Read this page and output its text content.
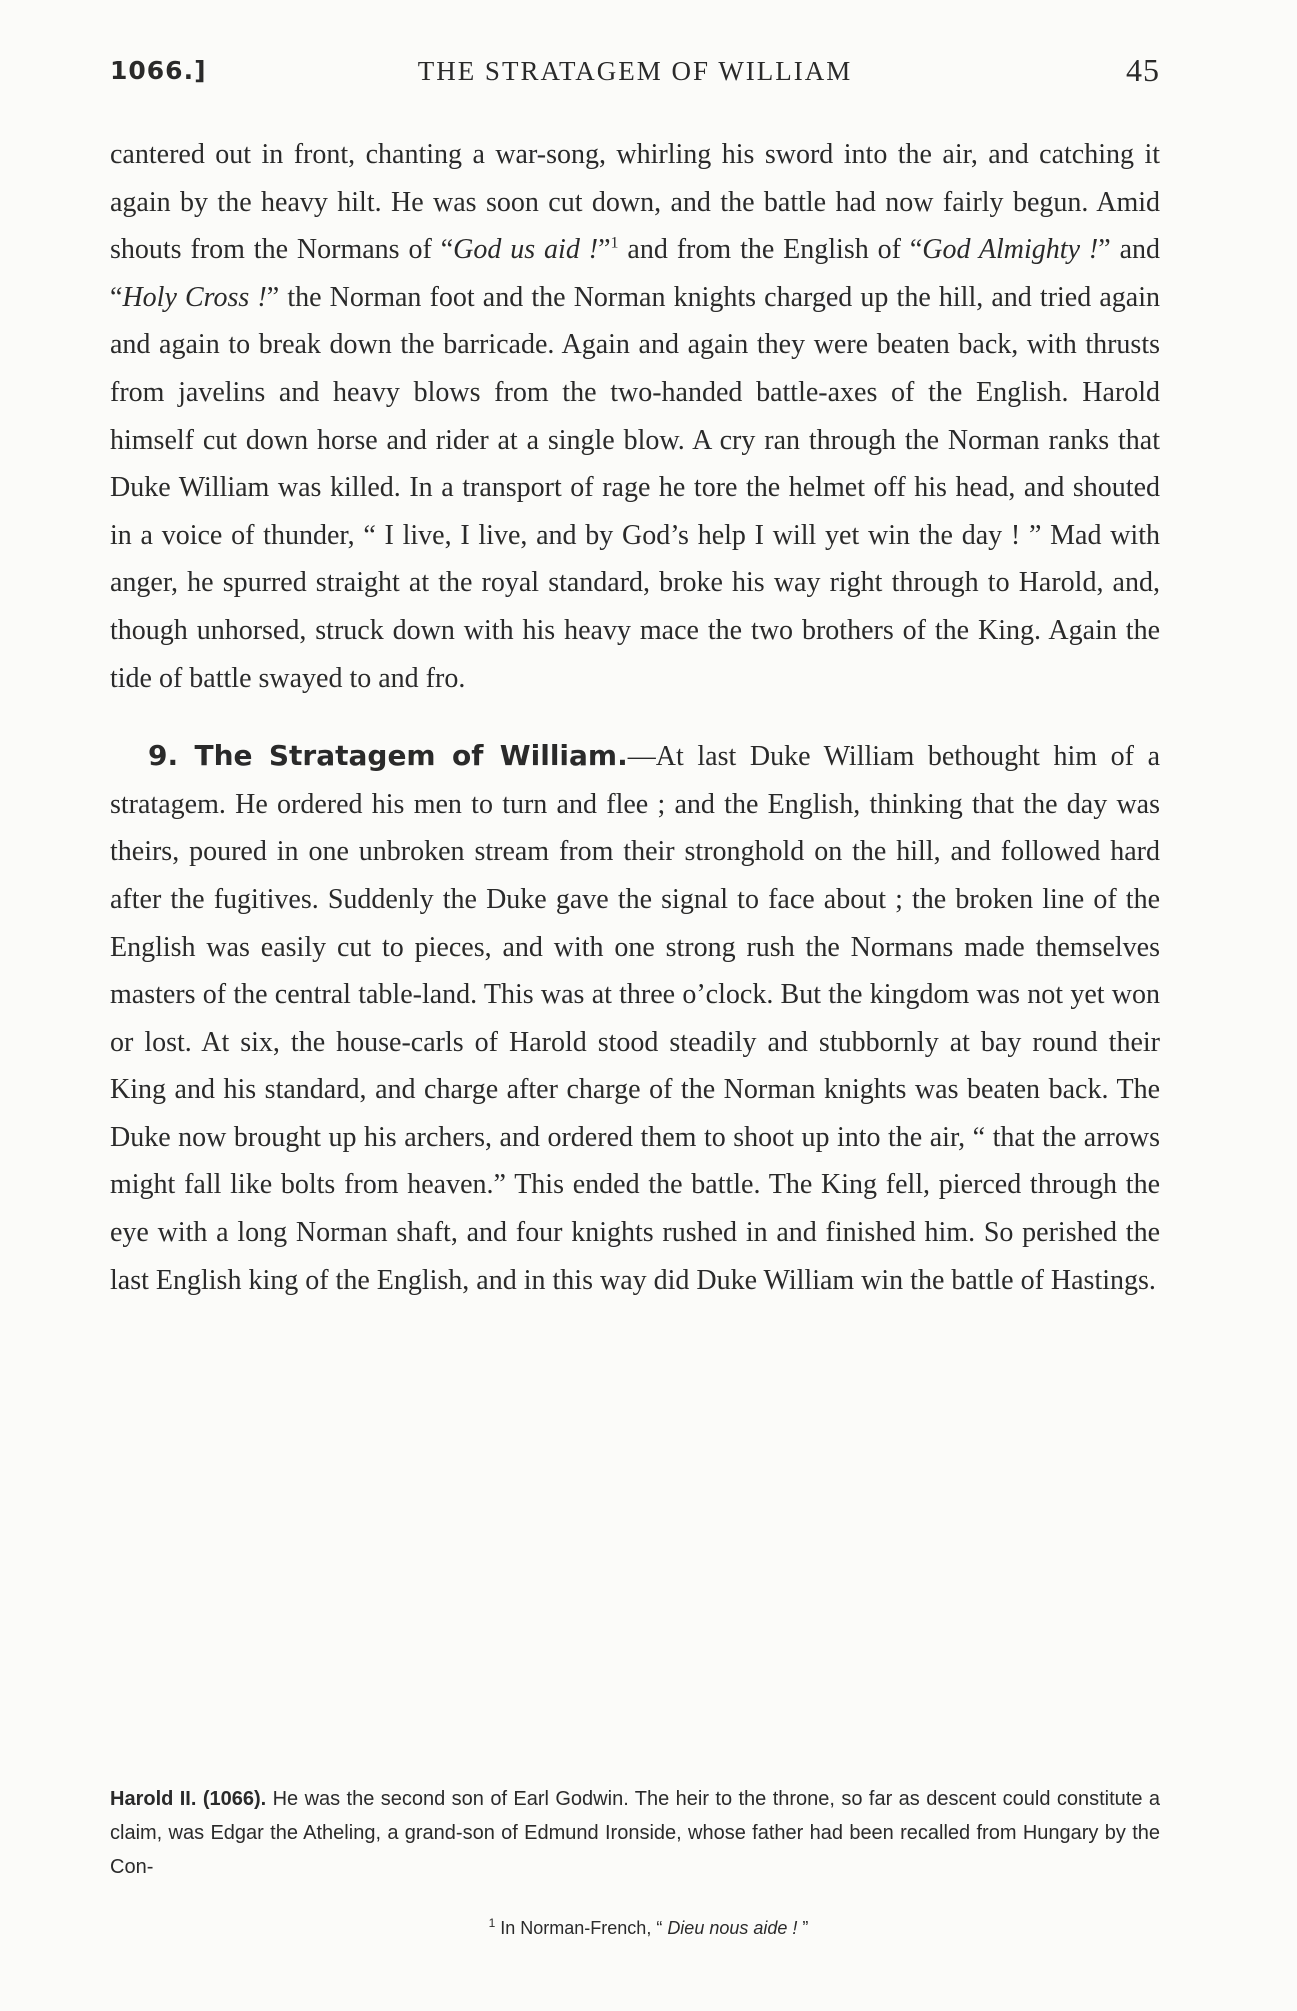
1066.]	THE STRATAGEM OF WILLIAM	45

cantered out in front, chanting a war-song, whirling his sword into the air, and catching it again by the heavy hilt. He was soon cut down, and the battle had now fairly begun. Amid shouts from the Normans of “God us aid !”$^1$ and from the English of “God Almighty !” and “Holy Cross !” the Norman foot and the Norman knights charged up the hill, and tried again and again to break down the barricade. Again and again they were beaten back, with thrusts from javelins and heavy blows from the two-handed battle-axes of the English. Harold himself cut down horse and rider at a single blow. A cry ran through the Norman ranks that Duke William was killed. In a transport of rage he tore the helmet off his head, and shouted in a voice of thunder, “ I live, I live, and by God’s help I will yet win the day ! ” Mad with anger, he spurred straight at the royal standard, broke his way right through to Harold, and, though unhorsed, struck down with his heavy mace the two brothers of the King. Again the tide of battle swayed to and fro.

9. The Stratagem of William.—At last Duke William bethought him of a stratagem. He ordered his men to turn and flee ; and the English, thinking that the day was theirs, poured in one unbroken stream from their stronghold on the hill, and followed hard after the fugitives. Suddenly the Duke gave the signal to face about ; the broken line of the English was easily cut to pieces, and with one strong rush the Normans made themselves masters of the central table-land. This was at three o’clock. But the kingdom was not yet won or lost. At six, the house-carls of Harold stood steadily and stubbornly at bay round their King and his standard, and charge after charge of the Norman knights was beaten back. The Duke now brought up his archers, and ordered them to shoot up into the air, “ that the arrows might fall like bolts from heaven.” This ended the battle. The King fell, pierced through the eye with a long Norman shaft, and four knights rushed in and finished him. So perished the last English king of the English, and in this way did Duke William win the battle of Hastings.

Harold II. (1066). He was the second son of Earl Godwin. The heir to the throne, so far as descent could constitute a claim, was Edgar the Atheling, a grand-son of Edmund Ironside, whose father had been recalled from Hungary by the Con-
$^1$ In Norman-French, “ Dieu nous aide ! ”
